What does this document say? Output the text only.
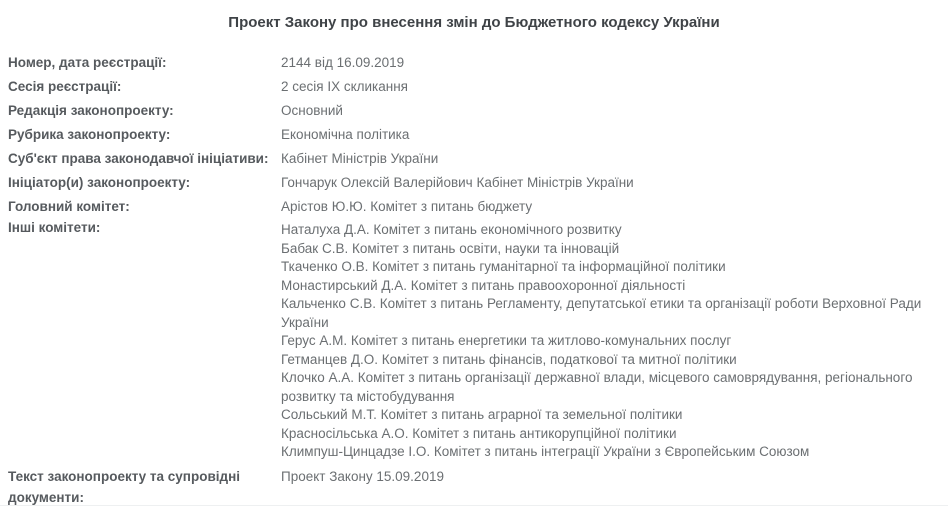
Проект Закону про внесення змін до Бюджетного кодексу України
Номер, дата реєстрації:	2144 від 16.09.2019
Сесія реєстрації:	2 сесія IX скликання
Редакція законопроекту:	Основний
Рубрика законопроекту:	Економічна політика
Суб'єкт права законодавчої ініціативи: Кабінет Міністрів України
Ініціатор(и) законопроекту:	Гончарук Олексій Валерійович Кабінет Міністрів України
Головний комітет:	Арістов Ю.Ю. Комітет з питань бюджету
Інші комітети:	Наталуха Д.А. Комітет з питань економічного розвитку
Бабак С.В. Комітет з питань освіти, науки та інновацій
Ткаченко О.В. Комітет з питань гуманітарної та інформаційної політики
Монастирський Д.А. Комітет з питань правоохоронної діяльності
Кальченко С.В. Комітет з питань Регламенту, депутатської етики та організації роботи Верховної Ради України
Герус А.М. Комітет з питань енергетики та житлово-комунальних послуг
Гетманцев Д.О. Комітет з питань фінансів, податкової та митної політики
Клочко А.А. Комітет з питань організації державної влади, місцевого самоврядування, регіонального розвитку та містобудування
Сольський М.Т. Комітет з питань аграрної та земельної політики
Красносільська А.О. Комітет з питань антикорупційної політики
Климпуш-Цинцадзе І.О. Комітет з питань інтеграції України з Європейським Союзом
Текст законопроекту та супровідні документи:
Проект Закону 15.09.2019
